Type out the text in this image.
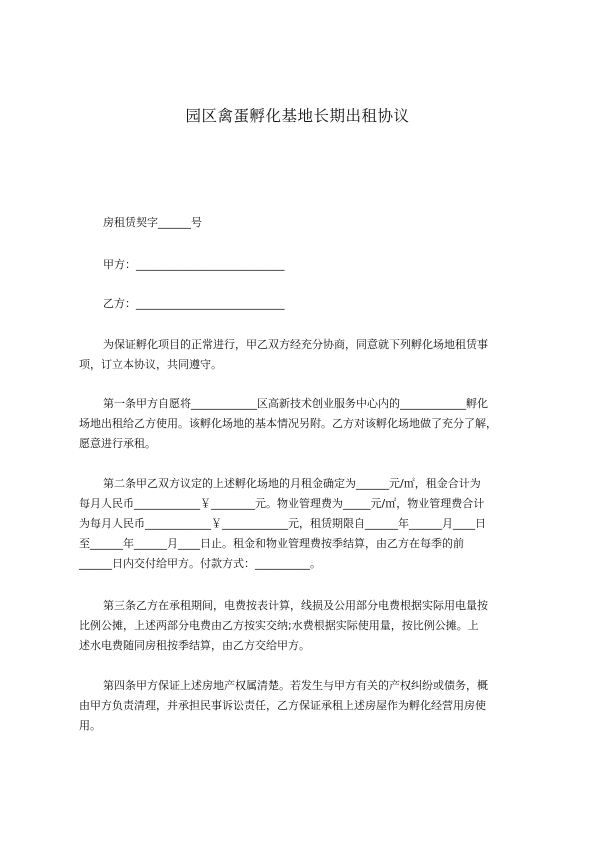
园区禽蛋孵化基地长期出租协议
房租赁契字______号
甲方：___________________________
乙方：___________________________
为保证孵化项目的正常进行，甲乙双方经充分协商，同意就下列孵化场地租赁事
项，订立本协议，共同遵守。
第一条甲方自愿将____________区高新技术创业服务中心内的____________孵化
场地出租给乙方使用。该孵化场地的基本情况另附。乙方对该孵化场地做了充分了解，
愿意进行承租。
第二条甲乙双方议定的上述孵化场地的月租金确定为______元/㎡，租金合计为
每月人民币____________￥________元。物业管理费为_____元/㎡，物业管理费合计
为每月人民币____________￥____________元，租赁期限自______年______月____日
至______年______月____日止。租金和物业管理费按季结算，由乙方在每季的前
______日内交付给甲方。付款方式：__________。
第三条乙方在承租期间，电费按表计算，线损及公用部分电费根据实际用电量按
比例公摊，上述两部分电费由乙方按实交纳;水费根据实际使用量，按比例公摊。上
述水电费随同房租按季结算，由乙方交给甲方。
第四条甲方保证上述房地产权属清楚。若发生与甲方有关的产权纠纷或债务，概
由甲方负责清理，并承担民事诉讼责任，乙方保证承租上述房屋作为孵化经营用房使
用。
